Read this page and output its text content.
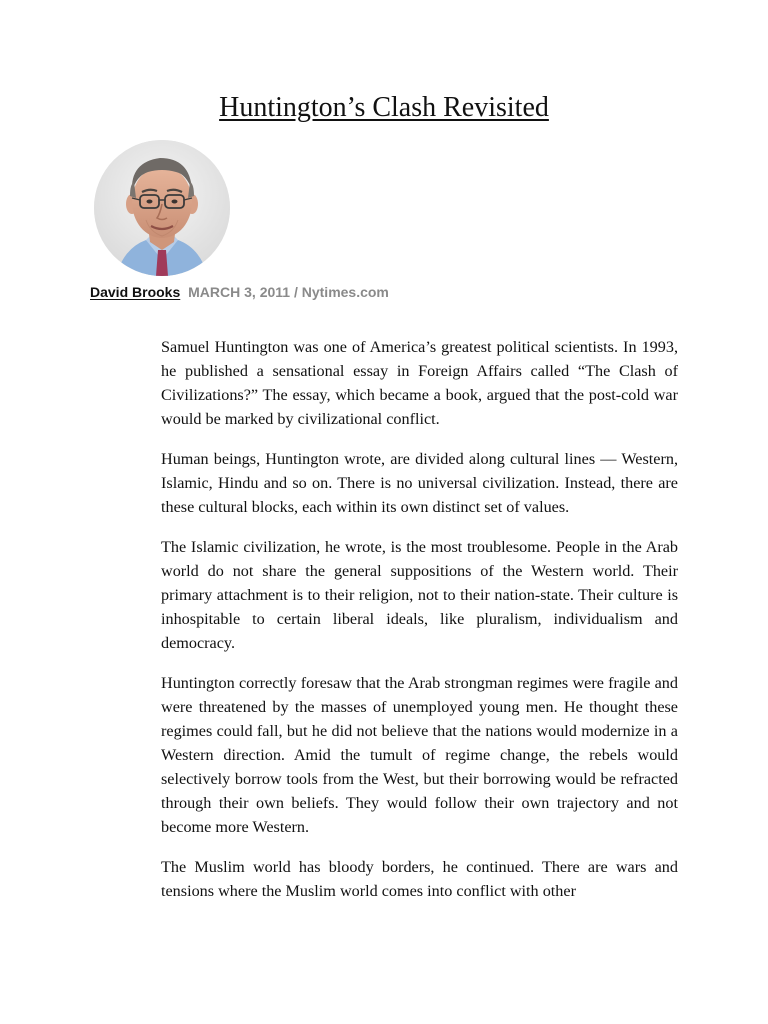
Huntington’s Clash Revisited
David Brooks MARCH 3, 2011 / Nytimes.com

Samuel Huntington was one of America’s greatest political scientists. In 1993, he published a sensational essay in Foreign Affairs called “The Clash of Civilizations?” The essay, which became a book, argued that the post-cold war would be marked by civilizational conflict.

Human beings, Huntington wrote, are divided along cultural lines — Western, Islamic, Hindu and so on. There is no universal civilization. Instead, there are these cultural blocks, each within its own distinct set of values.

The Islamic civilization, he wrote, is the most troublesome. People in the Arab world do not share the general suppositions of the Western world. Their primary attachment is to their religion, not to their nation-state. Their culture is inhospitable to certain liberal ideals, like pluralism, individualism and democracy.

Huntington correctly foresaw that the Arab strongman regimes were fragile and were threatened by the masses of unemployed young men. He thought these regimes could fall, but he did not believe that the nations would modernize in a Western direction. Amid the tumult of regime change, the rebels would selectively borrow tools from the West, but their borrowing would be refracted through their own beliefs. They would follow their own trajectory and not become more Western.

The Muslim world has bloody borders, he continued. There are wars and tensions where the Muslim world comes into conflict with other
